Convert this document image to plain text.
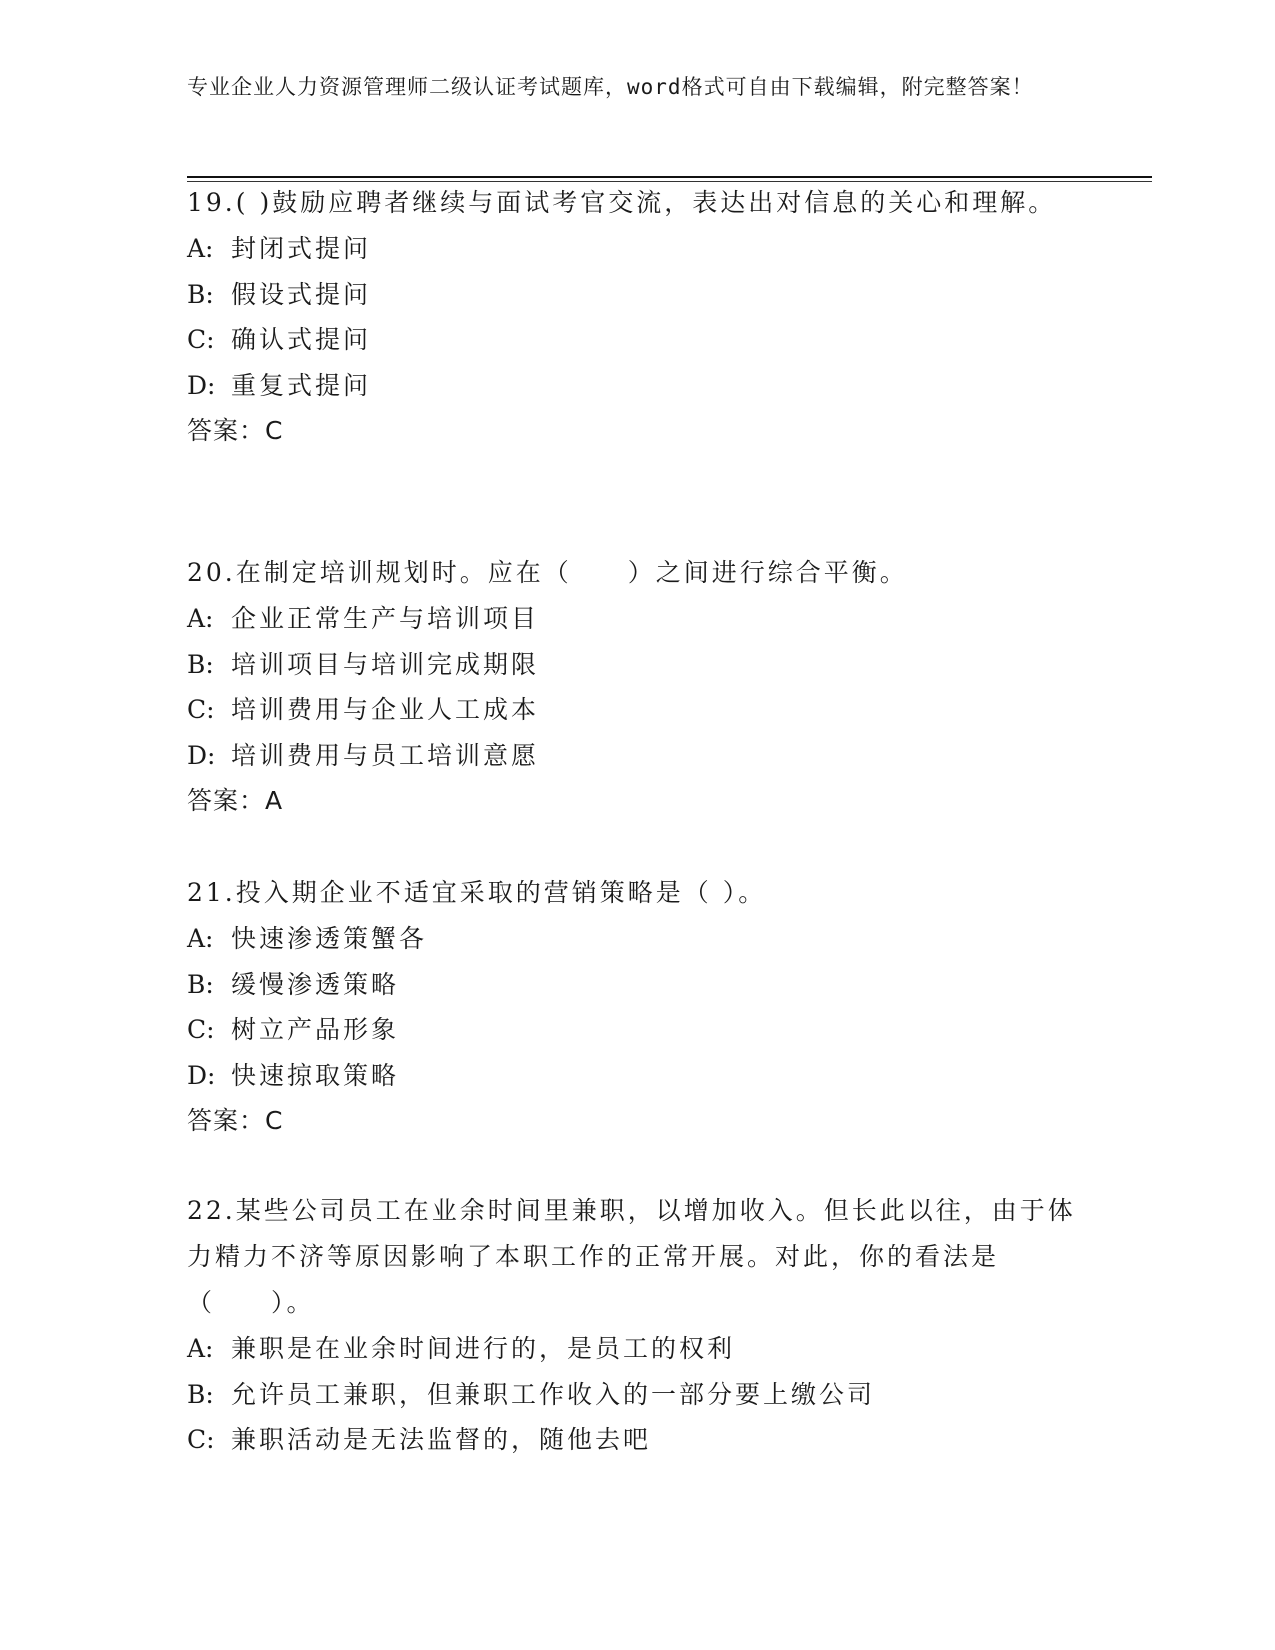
专业企业人力资源管理师二级认证考试题库，word格式可自由下载编辑，附完整答案！
19.( )鼓励应聘者继续与面试考官交流，表达出对信息的关心和理解。
A: 封闭式提问
B: 假设式提问
C: 确认式提问
D: 重复式提问
答案：C
20.在制定培训规划时。应在（　　）之间进行综合平衡。
A: 企业正常生产与培训项目
B: 培训项目与培训完成期限
C: 培训费用与企业人工成本
D: 培训费用与员工培训意愿
答案：A
21.投入期企业不适宜采取的营销策略是（ ）。
A: 快速渗透策蟹各
B: 缓慢渗透策略
C: 树立产品形象
D: 快速掠取策略
答案：C
22.某些公司员工在业余时间里兼职，以增加收入。但长此以往，由于体力精力不济等原因影响了本职工作的正常开展。对此，你的看法是（　　）。
A: 兼职是在业余时间进行的，是员工的权利
B: 允许员工兼职，但兼职工作收入的一部分要上缴公司
C: 兼职活动是无法监督的，随他去吧
